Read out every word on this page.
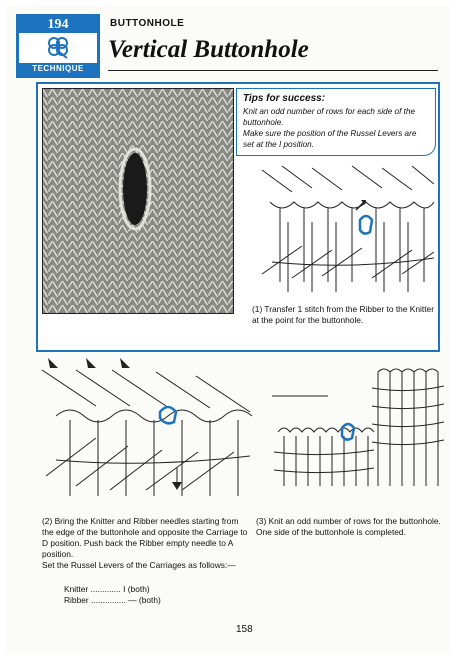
194
TECHNIQUE
BUTTONHOLE
Vertical Buttonhole
Tips for success:
Knit an odd number of rows for each side of the buttonhole.
Make sure the position of the Russel Levers are set at the I position.
(1) Transfer 1 stitch from the Ribber to the Knitter at the point for the buttonhole.
(2) Bring the Knitter and Ribber needles starting from the edge of the buttonhole and opposite the Carriage to D position. Push back the Ribber empty needle to A position.
Set the Russel Levers of the Carriages as follows:—
Knitter ............. I (both)
Ribber ............... — (both)
(3) Knit an odd number of rows for the buttonhole. One side of the buttonhole is completed.
158
